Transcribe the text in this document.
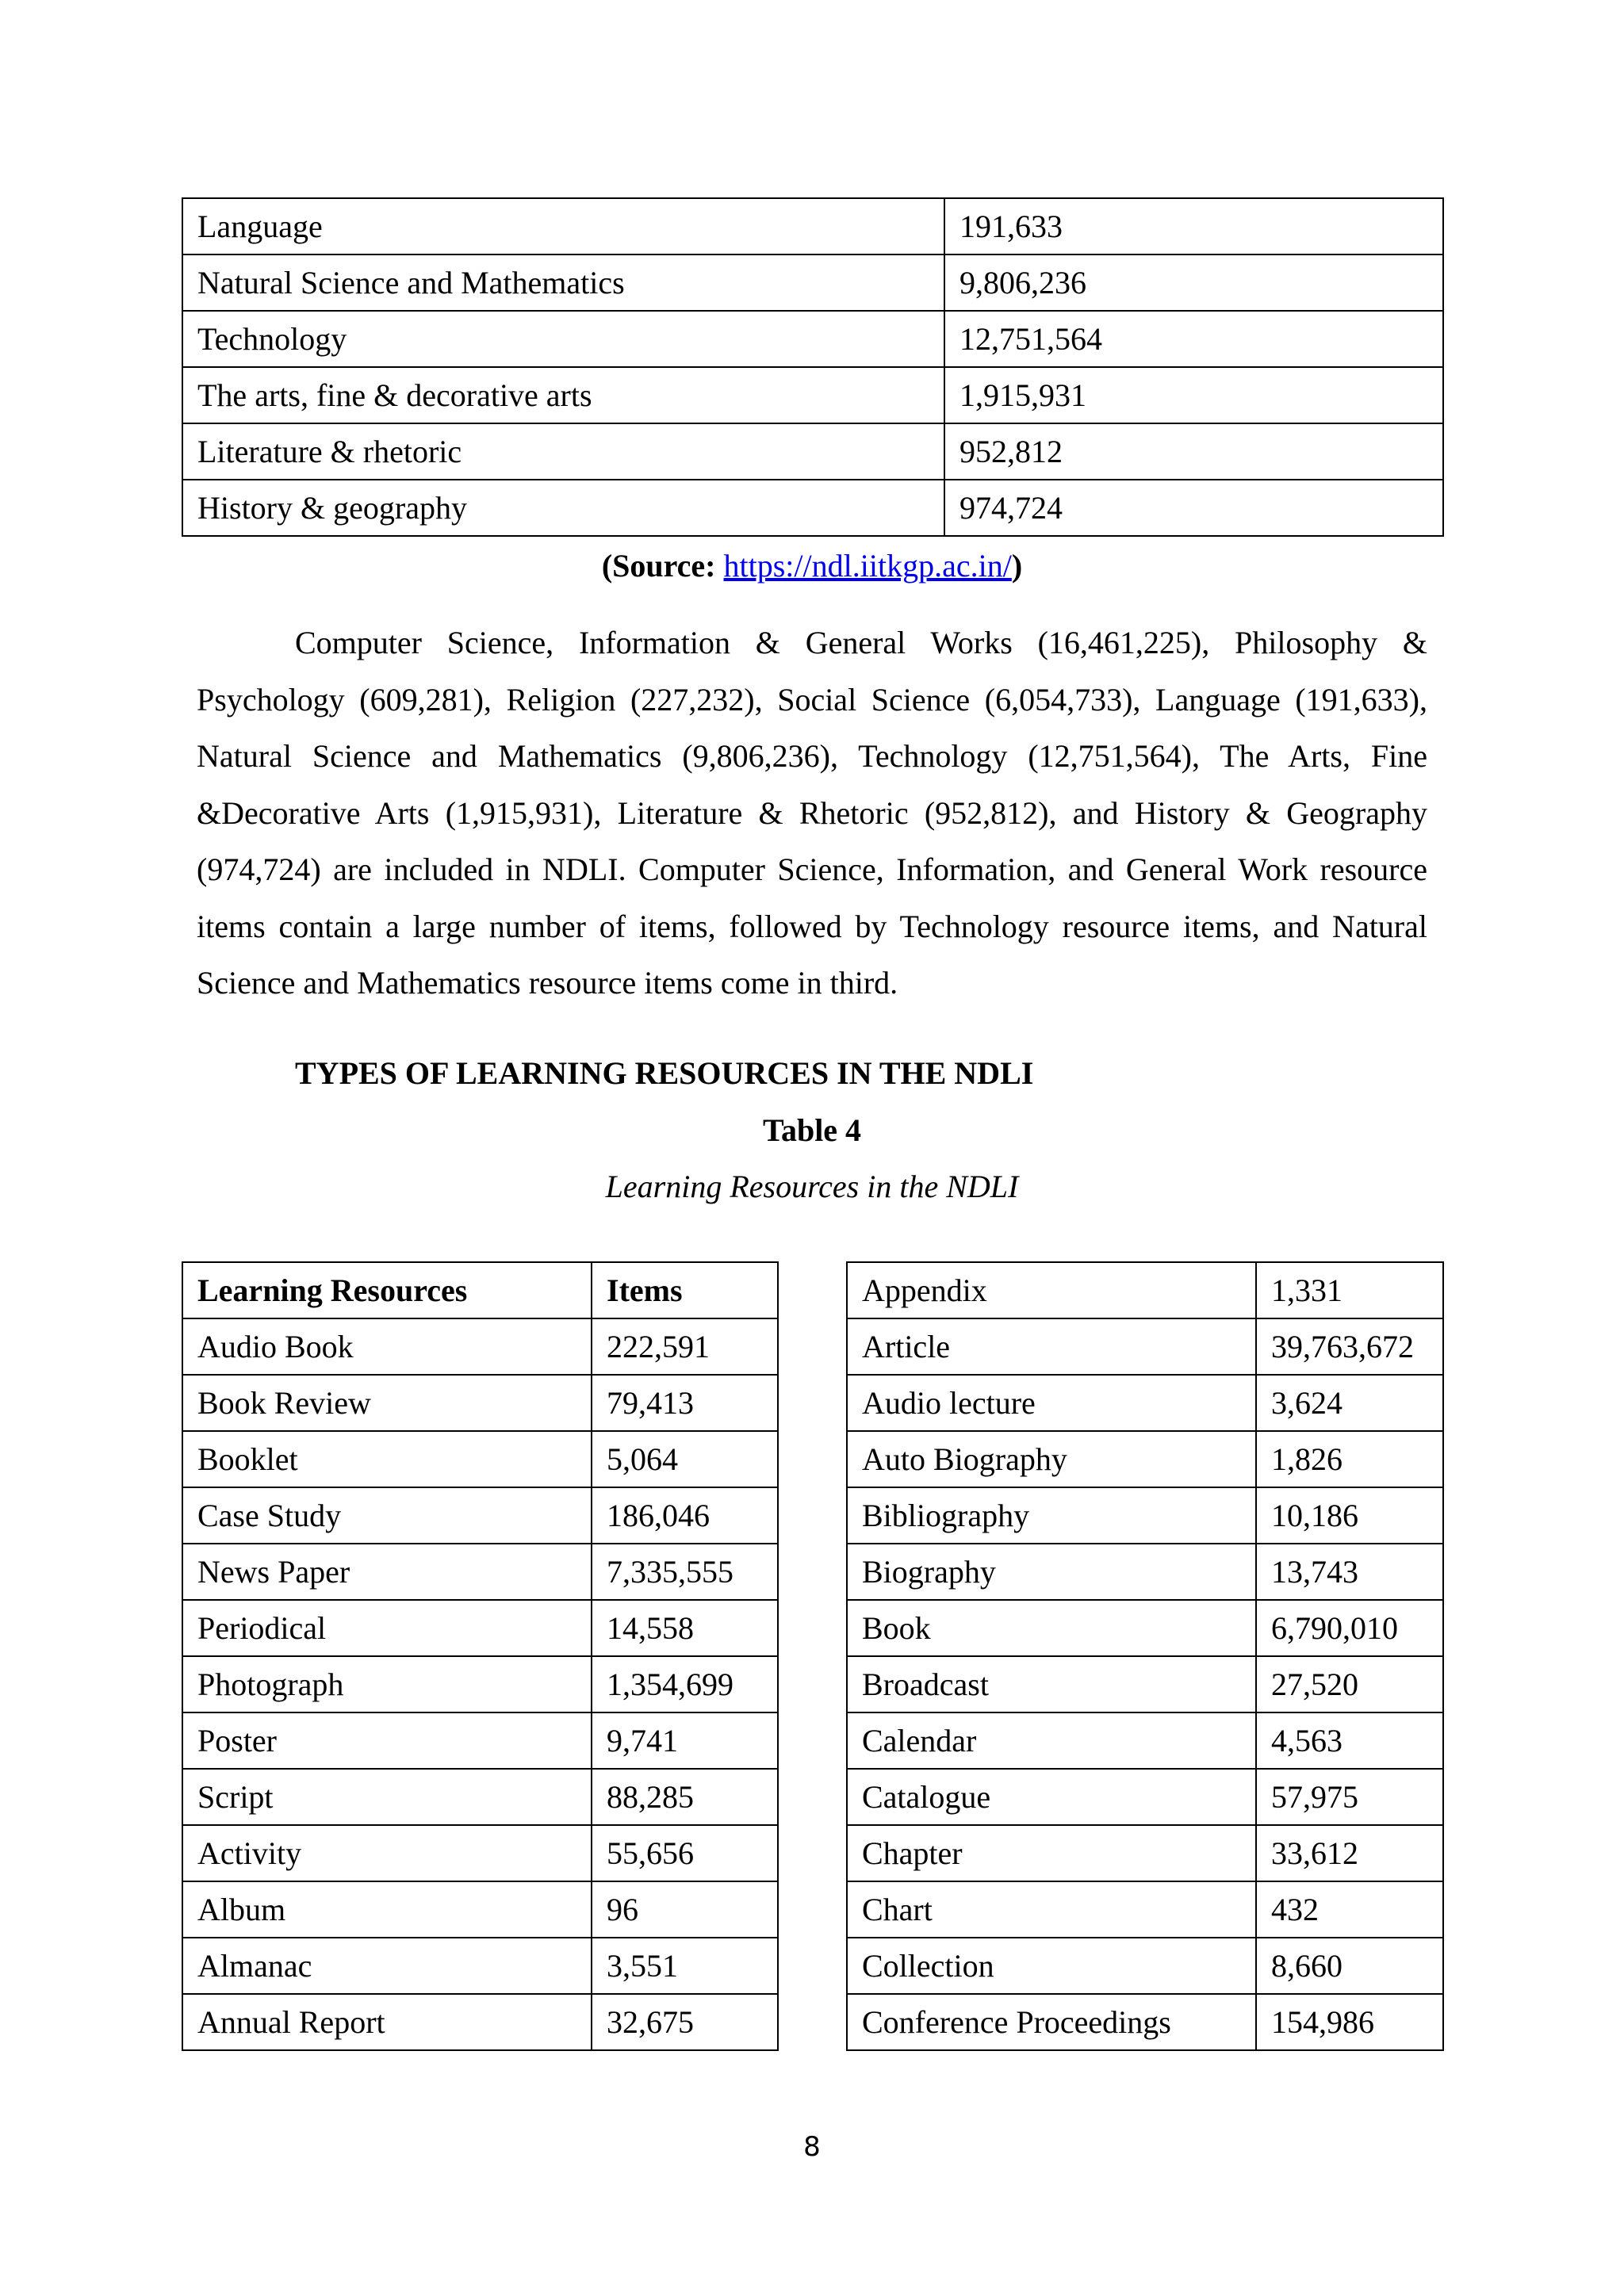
Language	191,633
Natural Science and Mathematics	9,806,236
Technology	12,751,564
The arts, fine & decorative arts	1,915,931
Literature & rhetoric	952,812
History & geography	974,724
(Source: https://ndl.iitkgp.ac.in/)

Computer Science, Information & General Works (16,461,225), Philosophy & Psychology (609,281), Religion (227,232), Social Science (6,054,733), Language (191,633), Natural Science and Mathematics (9,806,236), Technology (12,751,564), The Arts, Fine &Decorative Arts (1,915,931), Literature & Rhetoric (952,812), and History & Geography (974,724) are included in NDLI. Computer Science, Information, and General Work resource items contain a large number of items, followed by Technology resource items, and Natural Science and Mathematics resource items come in third.

TYPES OF LEARNING RESOURCES IN THE NDLI
Table 4
Learning Resources in the NDLI
Learning Resources	Items
Audio Book	222,591
Book Review	79,413
Booklet	5,064
Case Study	186,046
News Paper	7,335,555
Periodical	14,558
Photograph	1,354,699
Poster	9,741
Script	88,285
Activity	55,656
Album	96
Almanac	3,551
Annual Report	32,675
Appendix	1,331
Article	39,763,672
Audio lecture	3,624
Auto Biography	1,826
Bibliography	10,186
Biography	13,743
Book	6,790,010
Broadcast	27,520
Calendar	4,563
Catalogue	57,975
Chapter	33,612
Chart	432
Collection	8,660
Conference Proceedings	154,986
8
